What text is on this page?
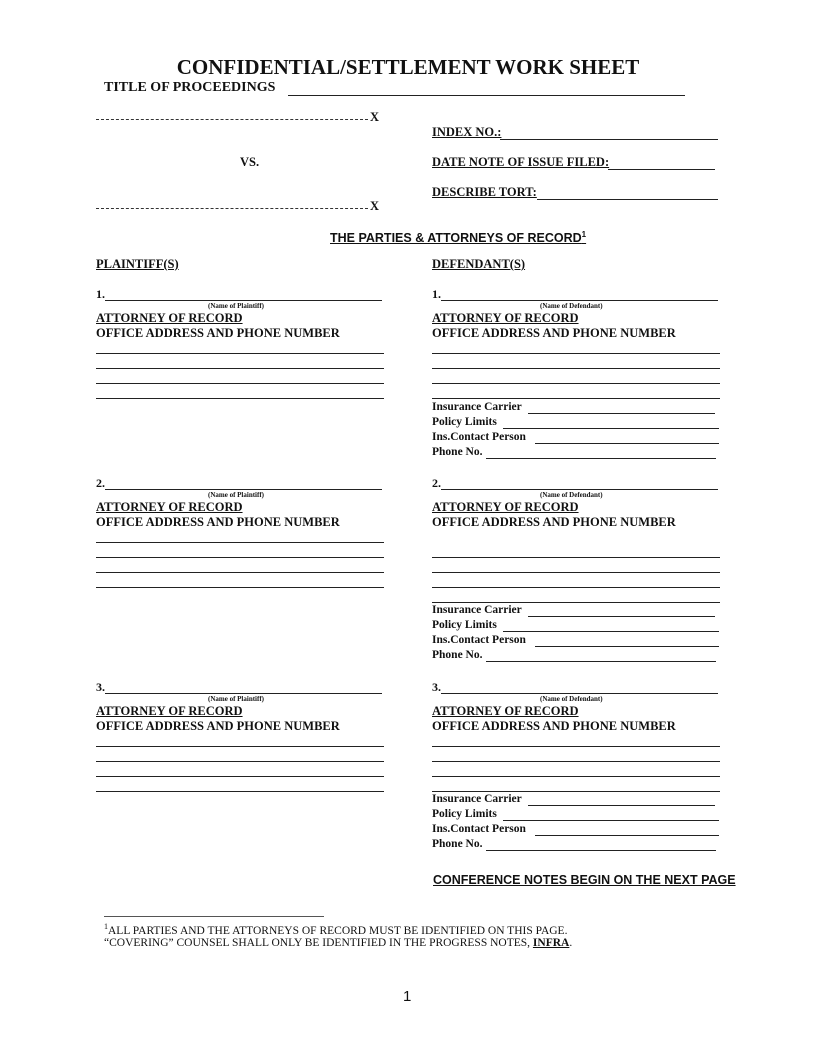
CONFIDENTIAL/SETTLEMENT WORK SHEET
TITLE OF PROCEEDINGS
X
VS.
X
INDEX NO.:
DATE NOTE OF ISSUE FILED:
DESCRIBE TORT:
THE PARTIES & ATTORNEYS OF RECORD$^1$
PLAINTIFF(S)	DEFENDANT(S)
1.
(Name of Plaintiff)
ATTORNEY OF RECORD
OFFICE ADDRESS AND PHONE NUMBER
1.
(Name of Defendant)
ATTORNEY OF RECORD
OFFICE ADDRESS AND PHONE NUMBER
Insurance Carrier
Policy Limits
Ins.Contact Person
Phone No.
2.
(Name of Plaintiff)
ATTORNEY OF RECORD
OFFICE ADDRESS AND PHONE NUMBER
2.
(Name of Defendant)
ATTORNEY OF RECORD
OFFICE ADDRESS AND PHONE NUMBER
Insurance Carrier
Policy Limits
Ins.Contact Person
Phone No.
3.
(Name of Plaintiff)
ATTORNEY OF RECORD
OFFICE ADDRESS AND PHONE NUMBER
3.
(Name of Defendant)
ATTORNEY OF RECORD
OFFICE ADDRESS AND PHONE NUMBER
Insurance Carrier
Policy Limits
Ins.Contact Person
Phone No.
CONFERENCE NOTES BEGIN ON THE NEXT PAGE
$^1$ALL PARTIES AND THE ATTORNEYS OF RECORD MUST BE IDENTIFIED ON THIS PAGE.
“COVERING” COUNSEL SHALL ONLY BE IDENTIFIED IN THE PROGRESS NOTES, INFRA.
1
